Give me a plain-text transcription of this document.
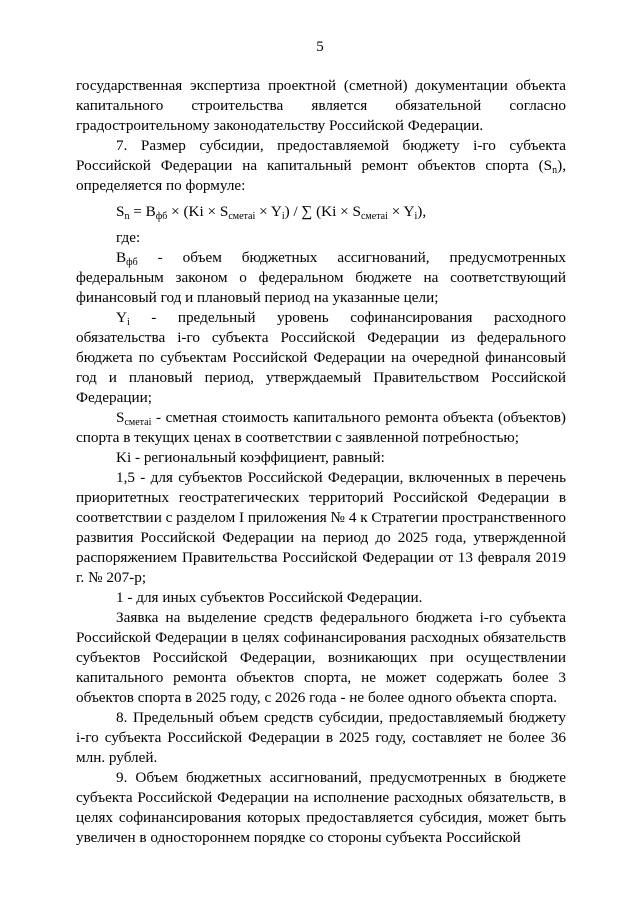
5

государственная экспертиза проектной (сметной) документации объекта капитального строительства является обязательной согласно градостроительному законодательству Российской Федерации.

7. Размер субсидии, предоставляемой бюджету i-го субъекта Российской Федерации на капитальный ремонт объектов спорта $(S_n)$, определяется по формуле:

$S_n = В_{фб} \times (Ki \times S_{сметаi} \times Y_i)$ / ∑ $(Ki \times S_{сметаi} \times Y_i)$,

где:

$В_{фб}$ - объем бюджетных ассигнований, предусмотренных федеральным законом о федеральном бюджете на соответствующий финансовый год и плановый период на указанные цели;

$Y_i$ - предельный уровень софинансирования расходного обязательства i-го субъекта Российской Федерации из федерального бюджета по субъектам Российской Федерации на очередной финансовый год и плановый период, утверждаемый Правительством Российской Федерации;

$S_{сметаi}$ - сметная стоимость капитального ремонта объекта (объектов) спорта в текущих ценах в соответствии с заявленной потребностью;

Ki - региональный коэффициент, равный:

1,5 - для субъектов Российской Федерации, включенных в перечень приоритетных геостратегических территорий Российской Федерации в соответствии с разделом I приложения № 4 к Стратегии пространственного развития Российской Федерации на период до 2025 года, утвержденной распоряжением Правительства Российской Федерации от 13 февраля 2019 г. № 207-р;

1 - для иных субъектов Российской Федерации.

Заявка на выделение средств федерального бюджета i-го субъекта Российской Федерации в целях софинансирования расходных обязательств субъектов Российской Федерации, возникающих при осуществлении капитального ремонта объектов спорта, не может содержать более 3 объектов спорта в 2025 году, с 2026 года - не более одного объекта спорта.

8. Предельный объем средств субсидии, предоставляемый бюджету i-го субъекта Российской Федерации в 2025 году, составляет не более 36 млн. рублей.

9. Объем бюджетных ассигнований, предусмотренных в бюджете субъекта Российской Федерации на исполнение расходных обязательств, в целях софинансирования которых предоставляется субсидия, может быть увеличен в одностороннем порядке со стороны субъекта Российской
